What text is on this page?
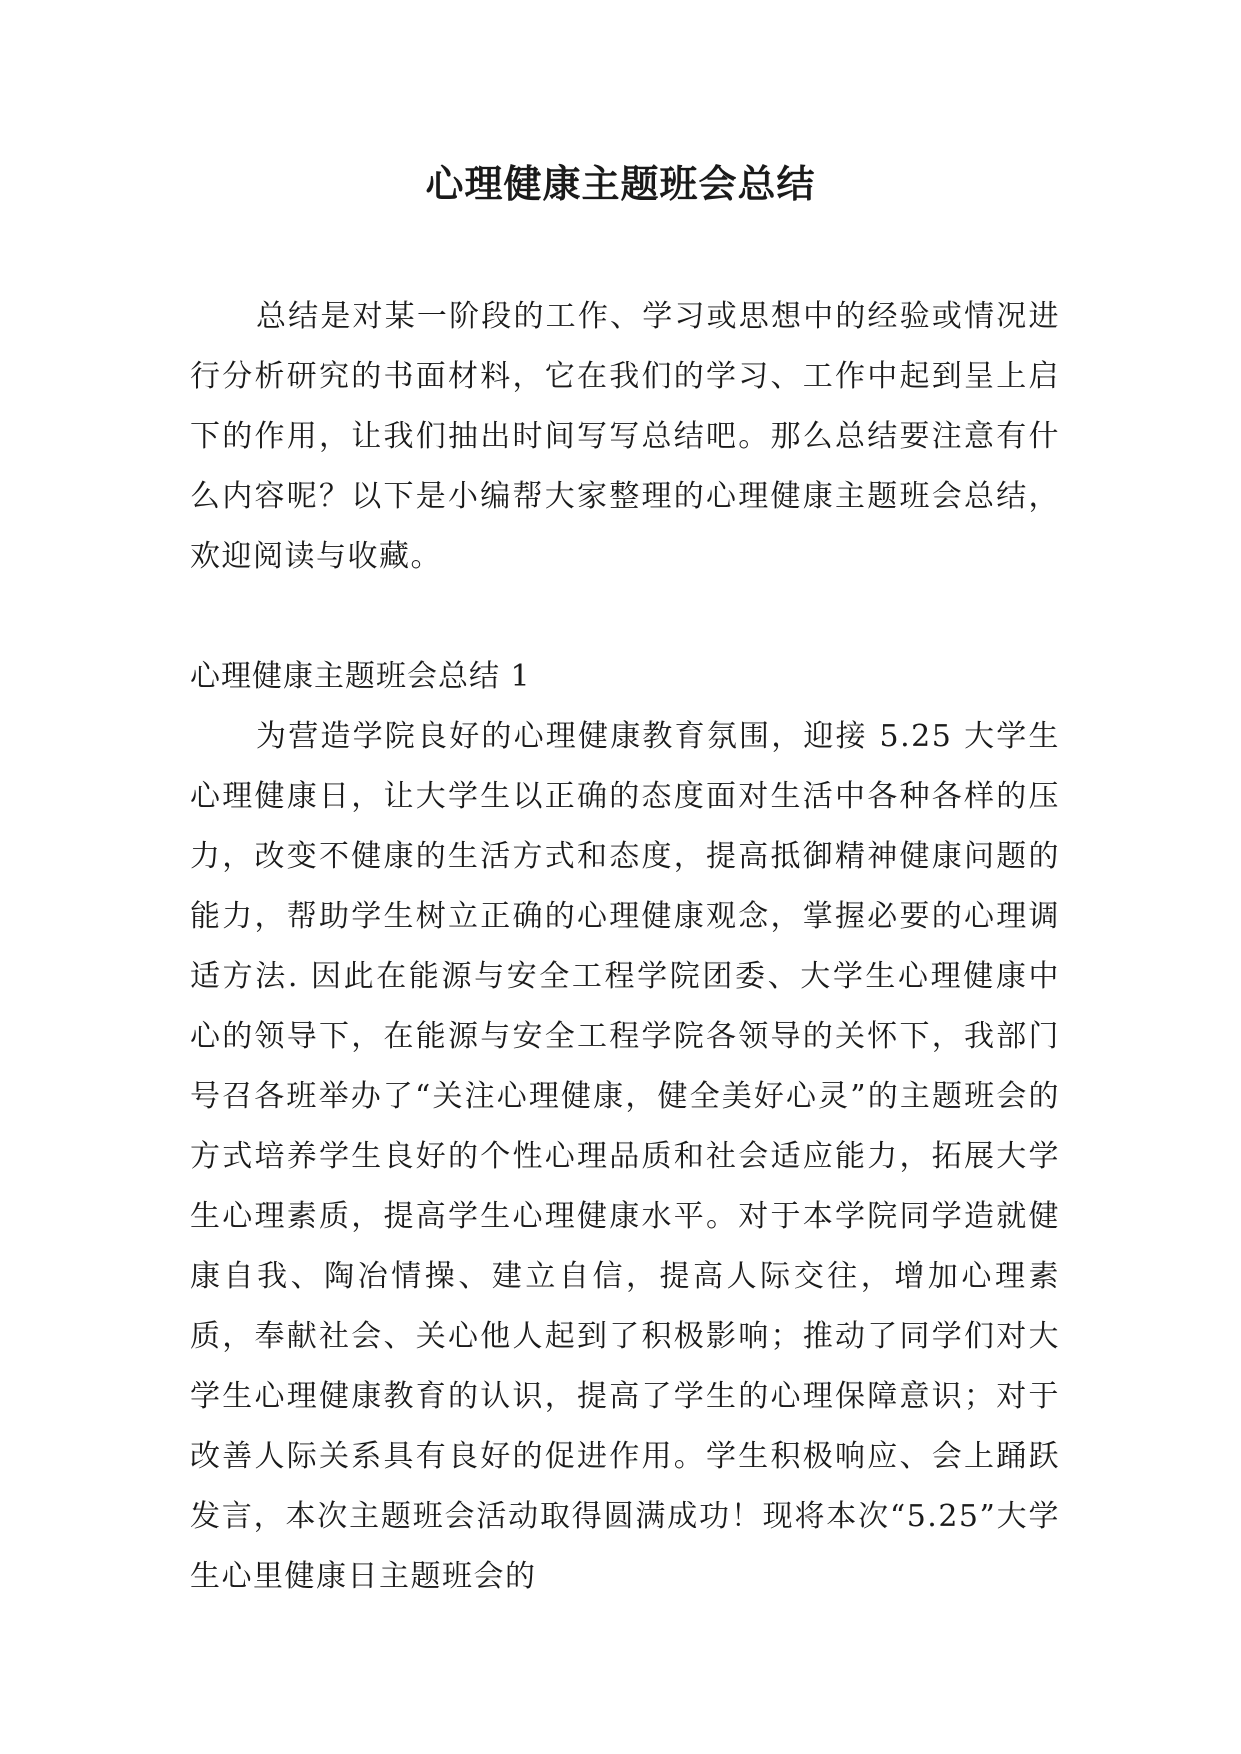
心理健康主题班会总结

总结是对某一阶段的工作、学习或思想中的经验或情况进行分析研究的书面材料，它在我们的学习、工作中起到呈上启下的作用，让我们抽出时间写写总结吧。那么总结要注意有什么内容呢？以下是小编帮大家整理的心理健康主题班会总结，欢迎阅读与收藏。

心理健康主题班会总结 1

为营造学院良好的心理健康教育氛围，迎接 5.25 大学生心理健康日，让大学生以正确的态度面对生活中各种各样的压力，改变不健康的生活方式和态度，提高抵御精神健康问题的能力，帮助学生树立正确的心理健康观念，掌握必要的心理调适方法. 因此在能源与安全工程学院团委、大学生心理健康中心的领导下，在能源与安全工程学院各领导的关怀下，我部门号召各班举办了“关注心理健康，健全美好心灵”的主题班会的方式培养学生良好的个性心理品质和社会适应能力，拓展大学生心理素质，提高学生心理健康水平。对于本学院同学造就健康自我、陶冶情操、建立自信，提高人际交往，增加心理素质，奉献社会、关心他人起到了积极影响；推动了同学们对大学生心理健康教育的认识，提高了学生的心理保障意识；对于改善人际关系具有良好的促进作用。学生积极响应、会上踊跃发言，本次主题班会活动取得圆满成功！现将本次“5.25”大学生心里健康日主题班会的
